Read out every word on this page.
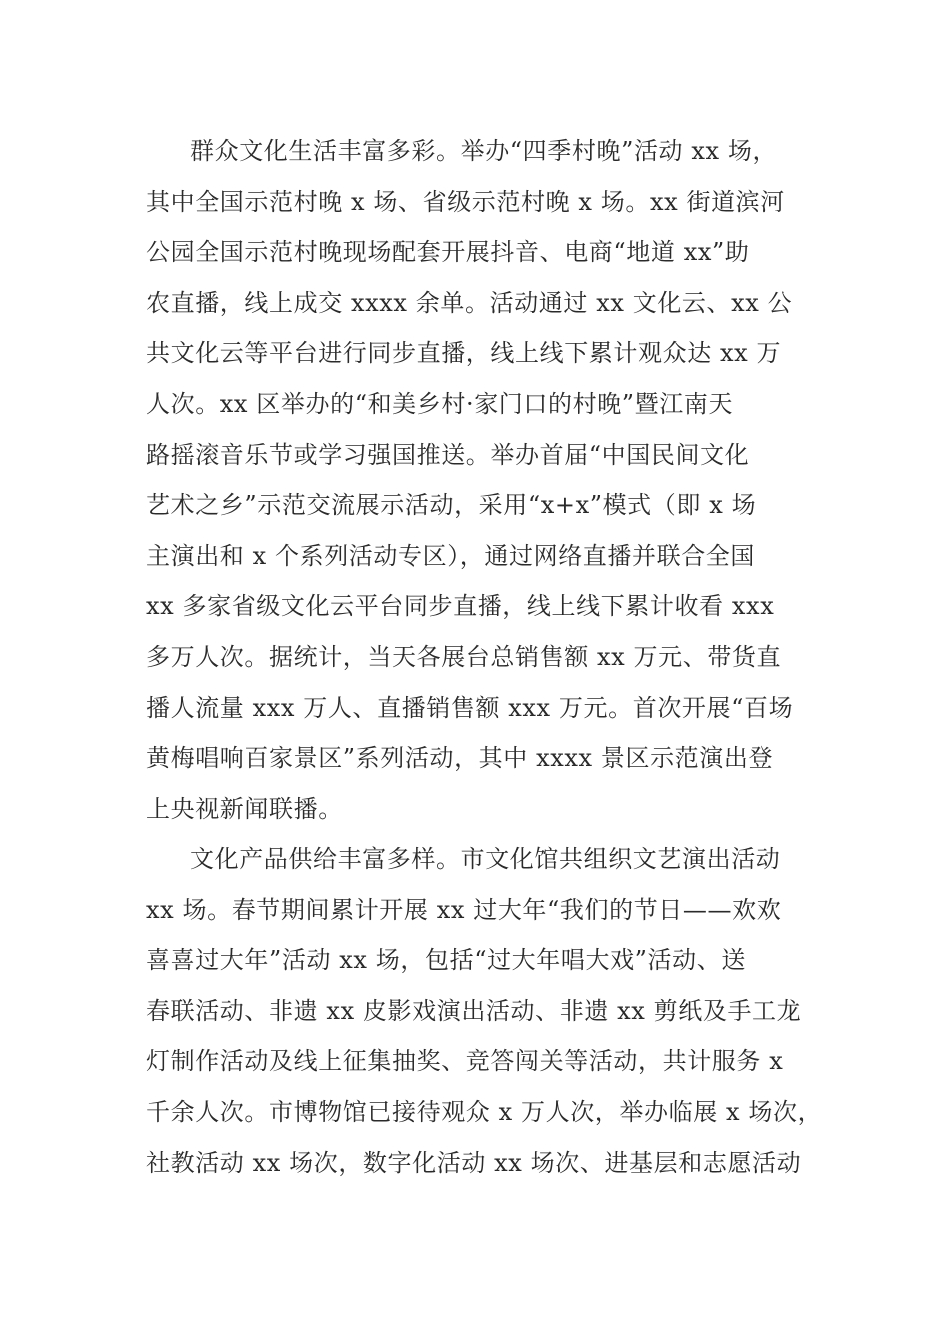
群众文化生活丰富多彩。举办“四季村晚”活动 xx 场，
其中全国示范村晚 x 场、省级示范村晚 x 场。xx 街道滨河
公园全国示范村晚现场配套开展抖音、电商“地道 xx”助
农直播，线上成交 xxxx 余单。活动通过 xx 文化云、xx 公
共文化云等平台进行同步直播，线上线下累计观众达 xx 万
人次。xx 区举办的“和美乡村·家门口的村晚”暨江南天
路摇滚音乐节或学习强国推送。举办首届“中国民间文化
艺术之乡”示范交流展示活动，采用“x+x”模式（即 x 场
主演出和 x 个系列活动专区），通过网络直播并联合全国
xx 多家省级文化云平台同步直播，线上线下累计收看 xxx
多万人次。据统计，当天各展台总销售额 xx 万元、带货直
播人流量 xxx 万人、直播销售额 xxx 万元。首次开展“百场
黄梅唱响百家景区”系列活动，其中 xxxx 景区示范演出登
上央视新闻联播。
文化产品供给丰富多样。市文化馆共组织文艺演出活动
xx 场。春节期间累计开展 xx 过大年“我们的节日——欢欢
喜喜过大年”活动 xx 场，包括“过大年唱大戏”活动、送
春联活动、非遗 xx 皮影戏演出活动、非遗 xx 剪纸及手工龙
灯制作活动及线上征集抽奖、竞答闯关等活动，共计服务 x
千余人次。市博物馆已接待观众 x 万人次，举办临展 x 场次，
社教活动 xx 场次，数字化活动 xx 场次、进基层和志愿活动
